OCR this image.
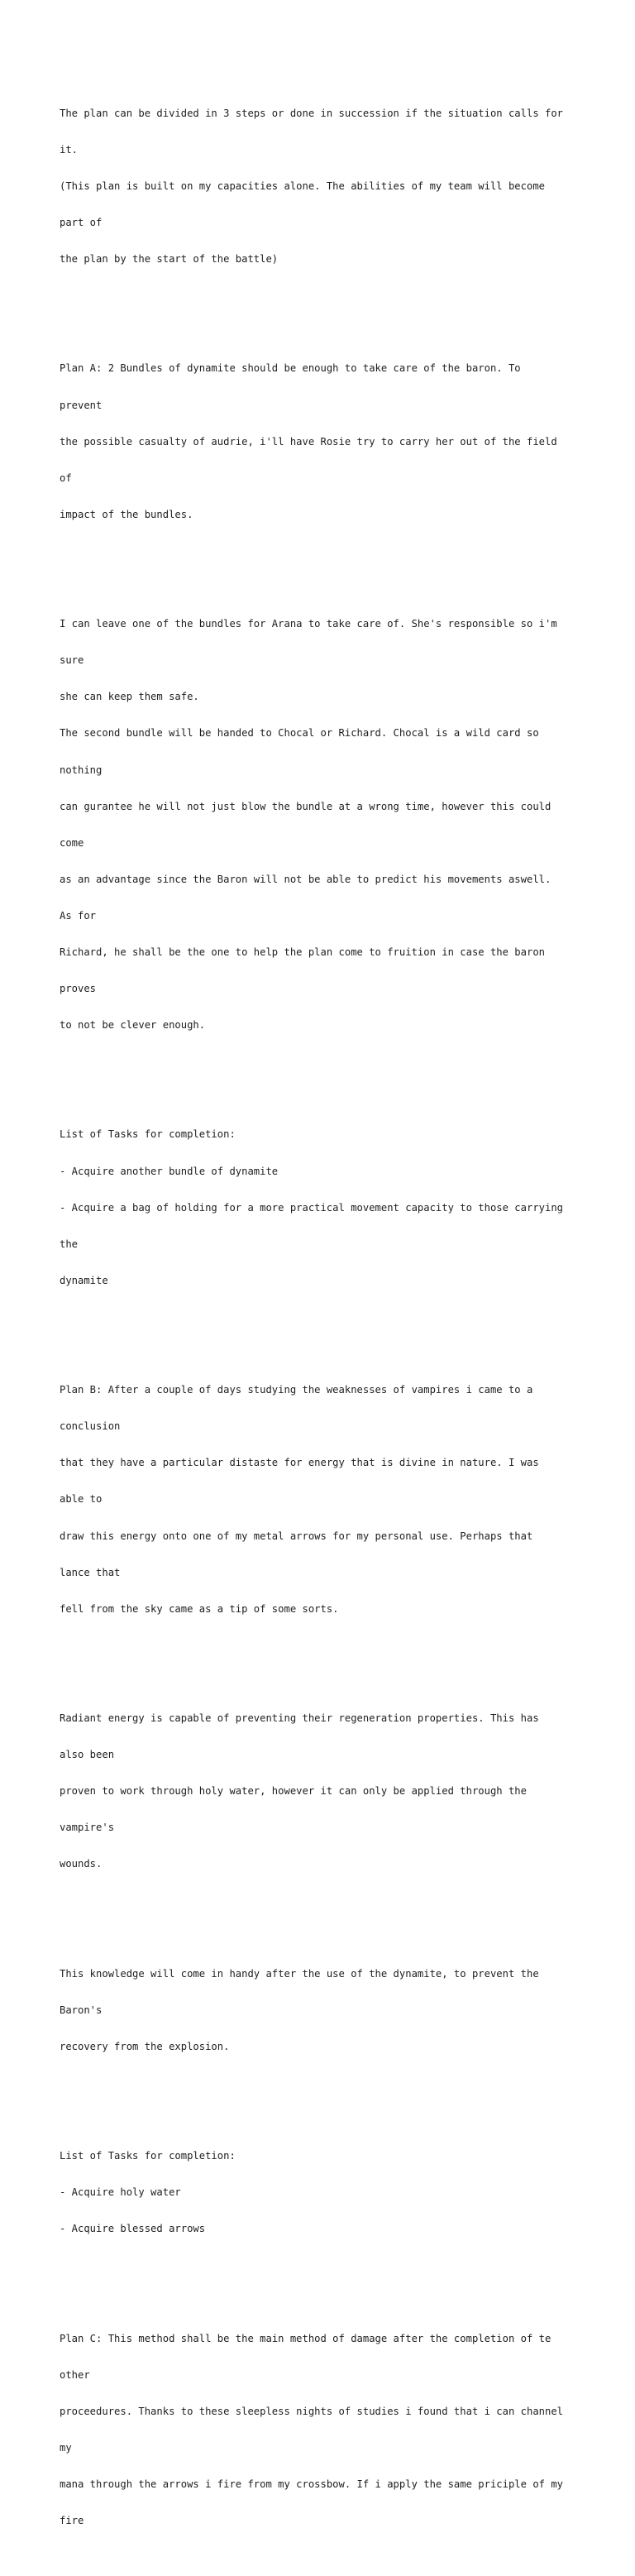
The plan can be divided in 3 steps or done in succession if the situation calls for

it.

(This plan is built on my capacities alone. The abilities of my team will become

part of

the plan by the start of the battle)

Plan A: 2 Bundles of dynamite should be enough to take care of the baron. To

prevent

the possible casualty of audrie, i'll have Rosie try to carry her out of the field

of

impact of the bundles.

I can leave one of the bundles for Arana to take care of. She's responsible so i'm

sure

she can keep them safe.

The second bundle will be handed to Chocal or Richard. Chocal is a wild card so

nothing

can gurantee he will not just blow the bundle at a wrong time, however this could

come

as an advantage since the Baron will not be able to predict his movements aswell.

As for

Richard, he shall be the one to help the plan come to fruition in case the baron

proves

to not be clever enough.

List of Tasks for completion:

- Acquire another bundle of dynamite

- Acquire a bag of holding for a more practical movement capacity to those carrying

the

dynamite

Plan B: After a couple of days studying the weaknesses of vampires i came to a

conclusion

that they have a particular distaste for energy that is divine in nature. I was

able to

draw this energy onto one of my metal arrows for my personal use. Perhaps that

lance that

fell from the sky came as a tip of some sorts.

Radiant energy is capable of preventing their regeneration properties. This has

also been

proven to work through holy water, however it can only be applied through the

vampire's

wounds.

This knowledge will come in handy after the use of the dynamite, to prevent the

Baron's

recovery from the explosion.

List of Tasks for completion:

- Acquire holy water

- Acquire blessed arrows

Plan C: This method shall be the main method of damage after the completion of te

other

proceedures. Thanks to these sleepless nights of studies i found that i can channel

my

mana through the arrows i fire from my crossbow. If i apply the same priciple of my

fire
